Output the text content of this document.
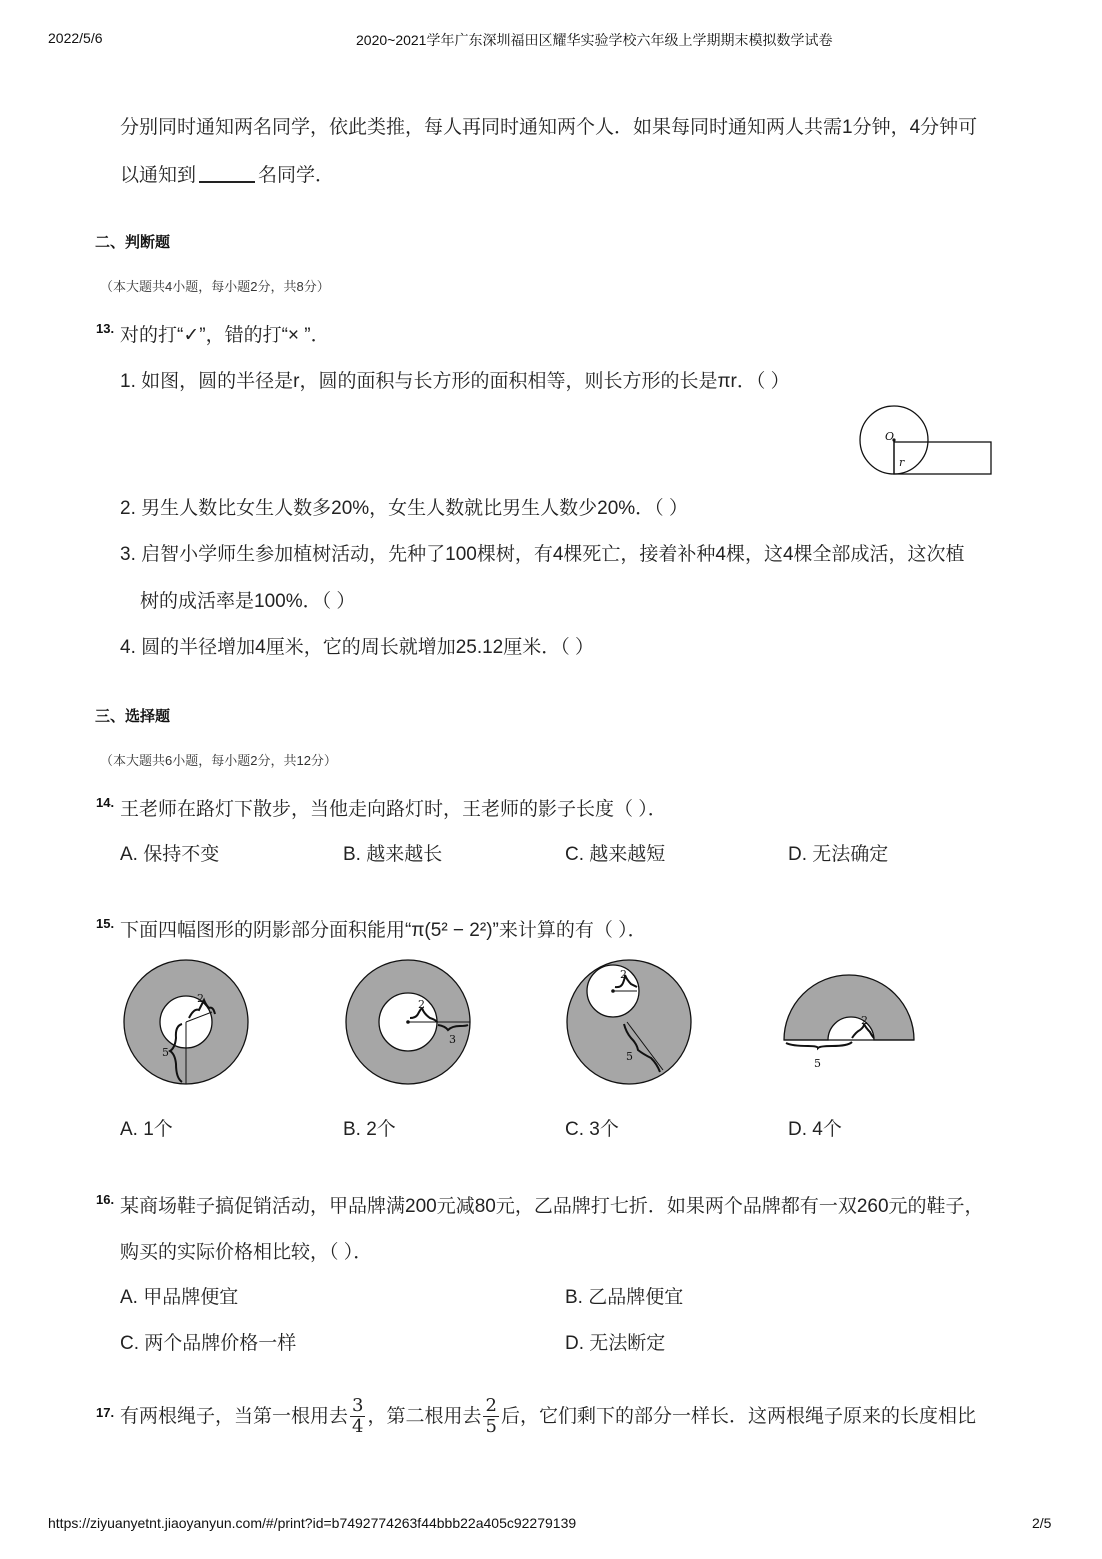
2022/5/6	2020~2021学年广东深圳福田区耀华实验学校六年级上学期期末模拟数学试卷
分别同时通知两名同学，依此类推，每人再同时通知两个人．如果每同时通知两人共需1分钟，4分钟可
以通知到	名同学．
二、判断题
（本大题共4小题，每小题2分，共8分）
13. 对的打“✓”，错的打“× ”．
1. 如图，圆的半径是r，圆的面积与长方形的面积相等，则长方形的长是πr．（ ）
O
r
2. 男生人数比女生人数多20%，女生人数就比男生人数少20%．（ ）
3. 启智小学师生参加植树活动，先种了100棵树，有4棵死亡，接着补种4棵，这4棵全部成活，这次植
树的成活率是100%．（ ）
4. 圆的半径增加4厘米，它的周长就增加25.12厘米．（ ）
三、选择题
（本大题共6小题，每小题2分，共12分）
14. 王老师在路灯下散步，当他走向路灯时，王老师的影子长度（ ）．
A. 保持不变	B. 越来越长	C. 越来越短	D. 无法确定
15. 下面四幅图形的阴影部分面积能用“π(5² − 2²)”来计算的有（ ）．
2
5
2
3
2
5
2
5
A. 1个	B. 2个	C. 3个	D. 4个
16. 某商场鞋子搞促销活动，甲品牌满200元减80元，乙品牌打七折．如果两个品牌都有一双260元的鞋子，
购买的实际价格相比较，（ ）．
A. 甲品牌便宜	B. 乙品牌便宜
C. 两个品牌价格一样	D. 无法断定
17. 有两根绳子，当第一根用去 $\frac{3}{4}$ ，第二根用去 $\frac{2}{5}$ 后，它们剩下的部分一样长．这两根绳子原来的长度相比
https://ziyuanyetnt.jiaoyanyun.com/#/print?id=b7492774263f44bbb22a405c92279139	2/5
